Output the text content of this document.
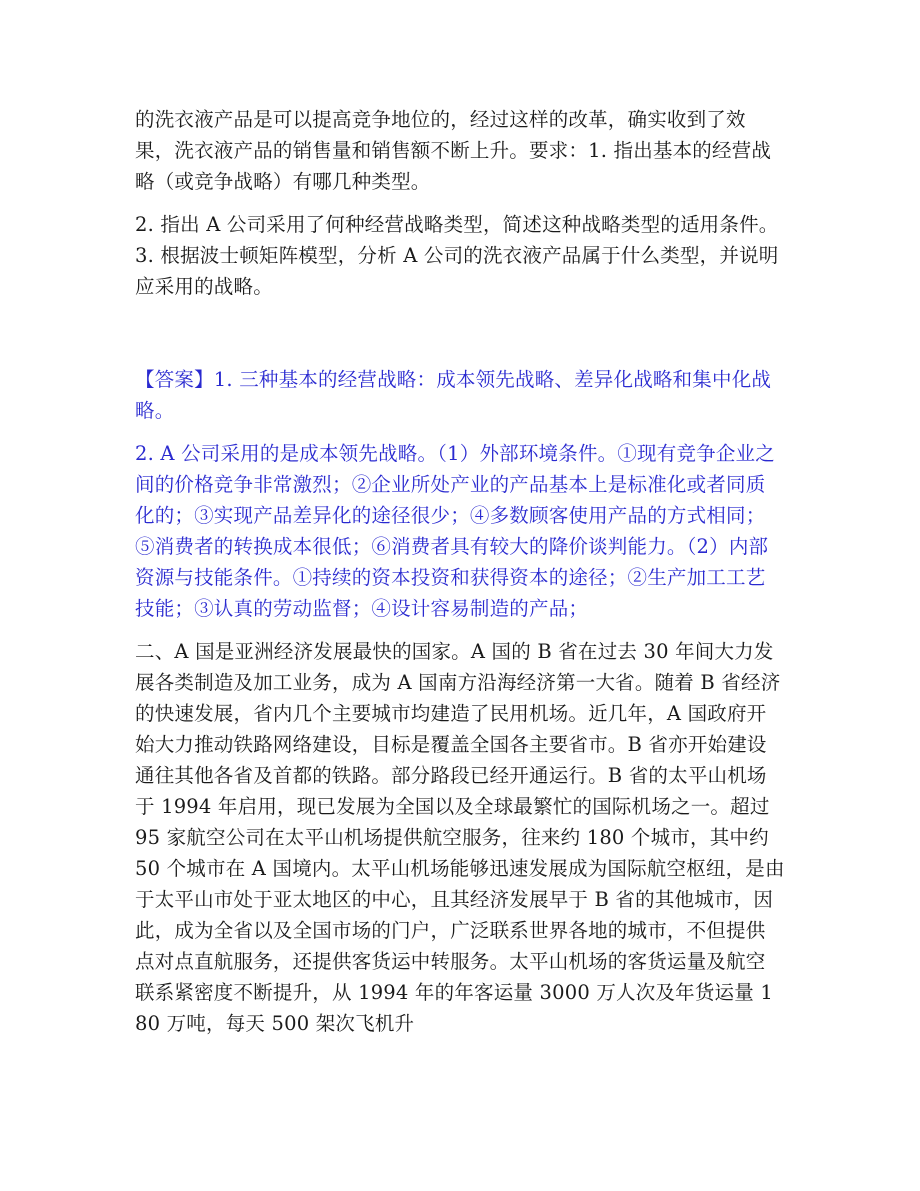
的洗衣液产品是可以提高竞争地位的，经过这样的改革，确实收到了效果，洗衣液产品的销售量和销售额不断上升。要求：1. 指出基本的经营战略（或竞争战略）有哪几种类型。

2. 指出 A 公司采用了何种经营战略类型，简述这种战略类型的适用条件。3. 根据波士顿矩阵模型，分析 A 公司的洗衣液产品属于什么类型，并说明应采用的战略。

【答案】1. 三种基本的经营战略：成本领先战略、差异化战略和集中化战略。

2. A 公司采用的是成本领先战略。（1）外部环境条件。①现有竞争企业之间的价格竞争非常激烈；②企业所处产业的产品基本上是标准化或者同质化的；③实现产品差异化的途径很少；④多数顾客使用产品的方式相同；⑤消费者的转换成本很低；⑥消费者具有较大的降价谈判能力。（2）内部资源与技能条件。①持续的资本投资和获得资本的途径；②生产加工工艺技能；③认真的劳动监督；④设计容易制造的产品；

二、A 国是亚洲经济发展最快的国家。A 国的 B 省在过去 30 年间大力发展各类制造及加工业务，成为 A 国南方沿海经济第一大省。随着 B 省经济的快速发展，省内几个主要城市均建造了民用机场。近几年，A 国政府开始大力推动铁路网络建设，目标是覆盖全国各主要省市。B 省亦开始建设通往其他各省及首都的铁路。部分路段已经开通运行。B 省的太平山机场于 1994 年启用，现已发展为全国以及全球最繁忙的国际机场之一。超过 95 家航空公司在太平山机场提供航空服务，往来约 180 个城市，其中约 50 个城市在 A 国境内。太平山机场能够迅速发展成为国际航空枢纽，是由于太平山市处于亚太地区的中心，且其经济发展早于 B 省的其他城市，因此，成为全省以及全国市场的门户，广泛联系世界各地的城市，不但提供点对点直航服务，还提供客货运中转服务。太平山机场的客货运量及航空联系紧密度不断提升，从 1994 年的年客运量 3000 万人次及年货运量 180 万吨，每天 500 架次飞机升
